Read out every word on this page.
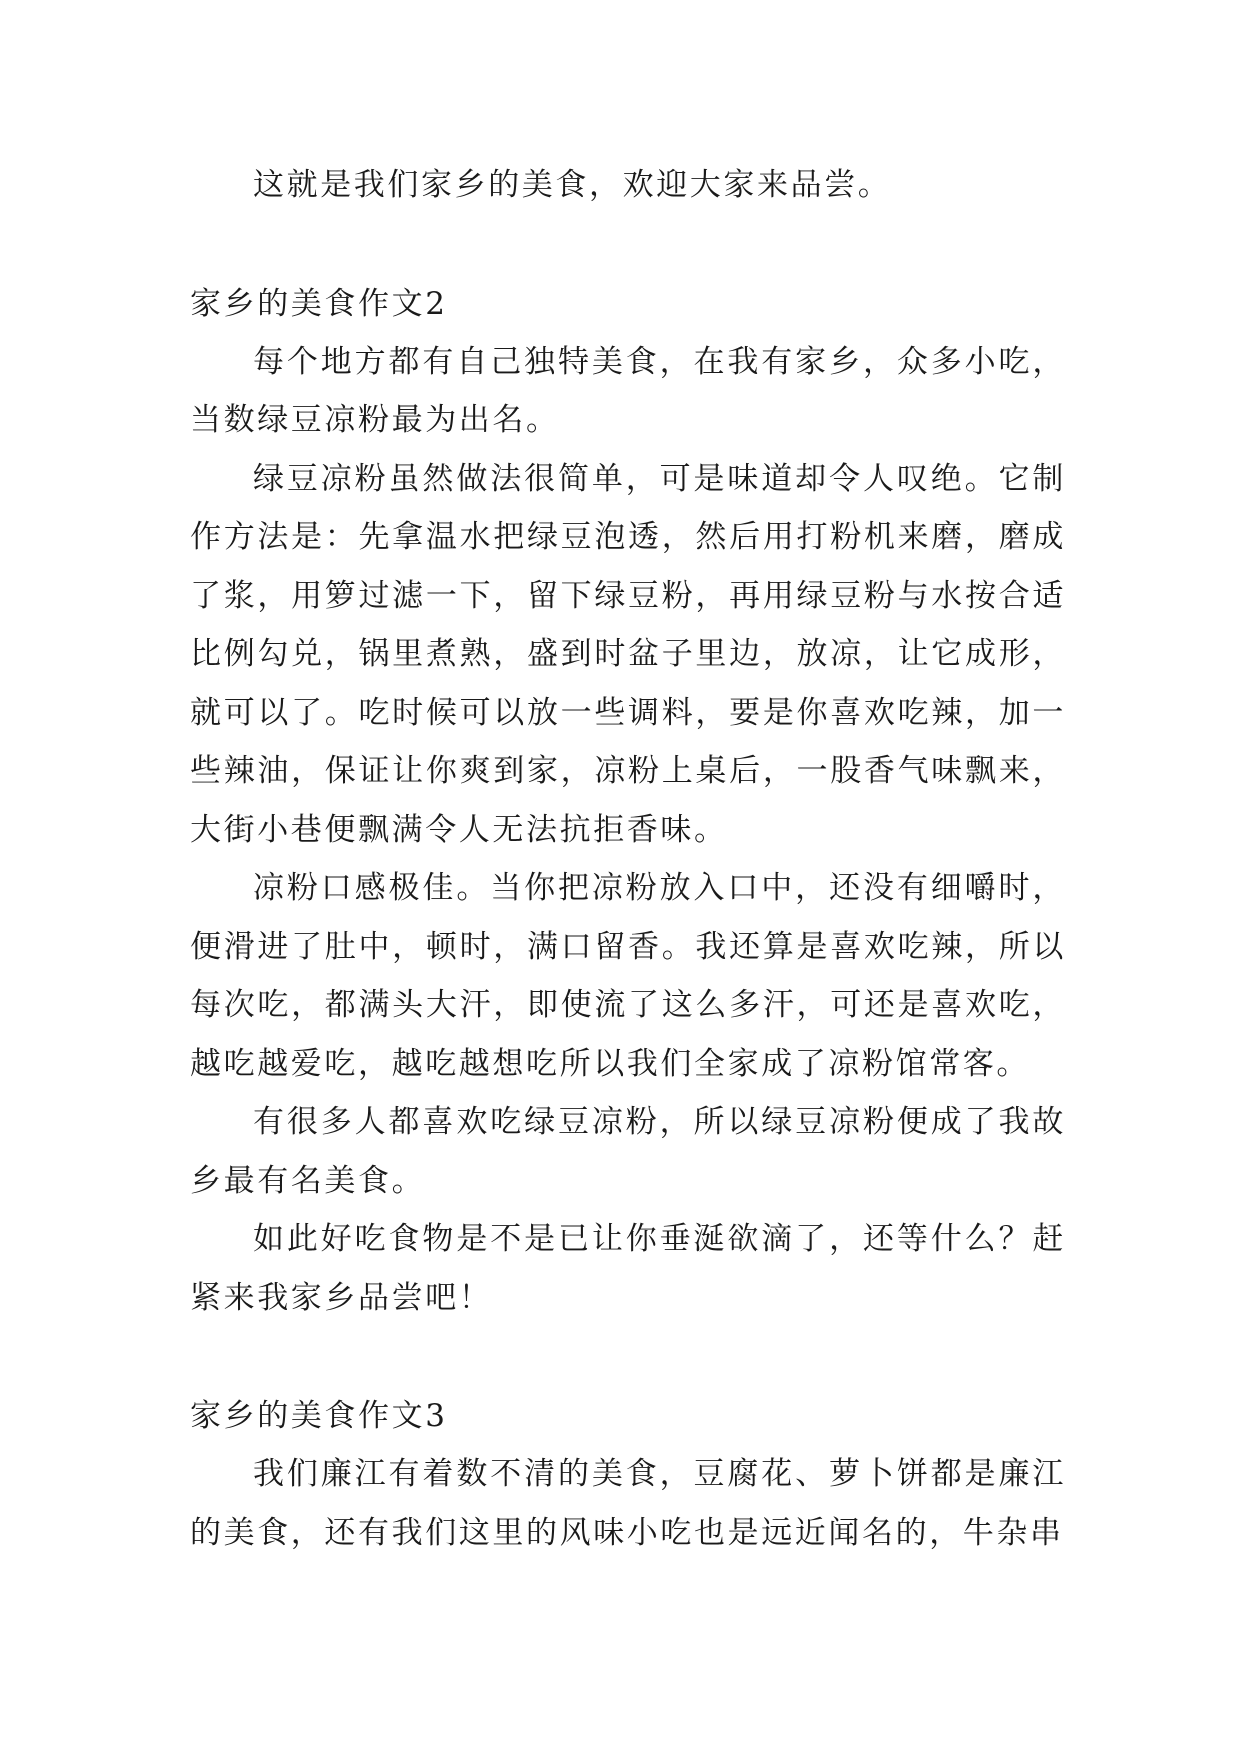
这就是我们家乡的美食，欢迎大家来品尝。

家乡的美食作文2

每个地方都有自己独特美食，在我有家乡，众多小吃，当数绿豆凉粉最为出名。

绿豆凉粉虽然做法很简单，可是味道却令人叹绝。它制作方法是：先拿温水把绿豆泡透，然后用打粉机来磨，磨成了浆，用箩过滤一下，留下绿豆粉，再用绿豆粉与水按合适比例勾兑，锅里煮熟，盛到时盆子里边，放凉，让它成形，就可以了。吃时候可以放一些调料，要是你喜欢吃辣，加一些辣油，保证让你爽到家，凉粉上桌后，一股香气味飘来，大街小巷便飘满令人无法抗拒香味。

凉粉口感极佳。当你把凉粉放入口中，还没有细嚼时，便滑进了肚中，顿时，满口留香。我还算是喜欢吃辣，所以每次吃，都满头大汗，即使流了这么多汗，可还是喜欢吃，越吃越爱吃，越吃越想吃所以我们全家成了凉粉馆常客。

有很多人都喜欢吃绿豆凉粉，所以绿豆凉粉便成了我故乡最有名美食。

如此好吃食物是不是已让你垂涎欲滴了，还等什么？赶紧来我家乡品尝吧！

家乡的美食作文3

我们廉江有着数不清的美食，豆腐花、萝卜饼都是廉江的美食，还有我们这里的风味小吃也是远近闻名的，牛杂串
